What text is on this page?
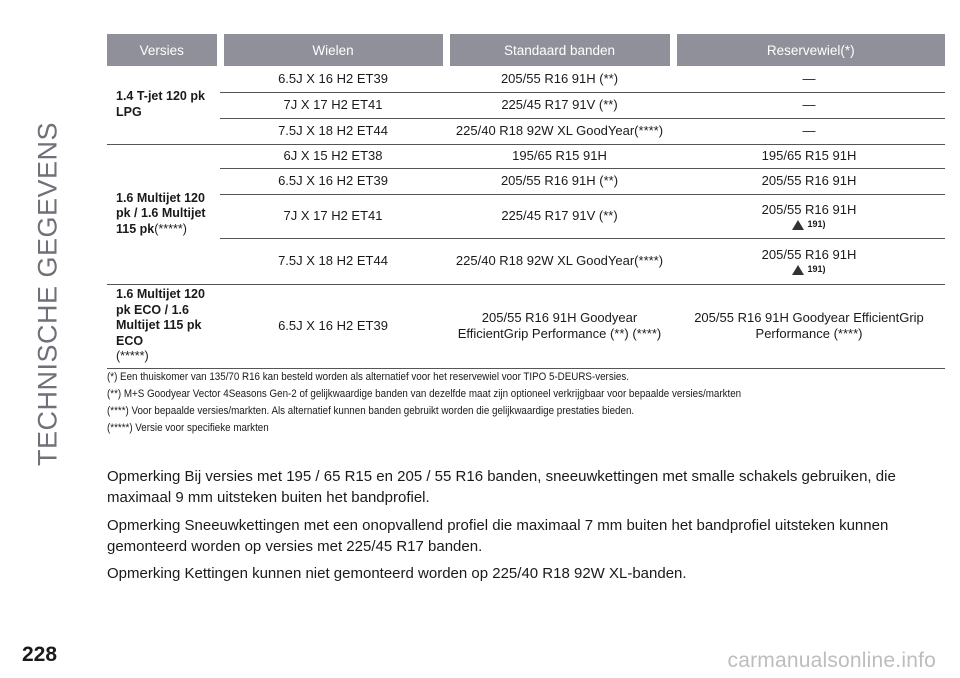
TECHNISCHE GEGEVENS
Versies	Wielen	Standaard banden	Reservewiel(*)
1.4 T-jet 120 pk LPG	6.5J X 16 H2 ET39	205/55 R16 91H (**)	—
	7J X 17 H2 ET41	225/45 R17 91V (**)	—
	7.5J X 18 H2 ET44	225/40 R18 92W XL GoodYear(****)	—
1.6 Multijet 120 pk / 1.6 Multijet 115 pk(*****)	6J X 15 H2 ET38	195/65 R15 91H	195/65 R15 91H
	6.5J X 16 H2 ET39	205/55 R16 91H (**)	205/55 R16 91H
	7J X 17 H2 ET41	225/45 R17 91V (**)	205/55 R16 91H
191)

	7.5J X 18 H2 ET44	225/40 R18 92W XL GoodYear(****)	205/55 R16 91H
191)

1.6 Multijet 120 pk ECO / 1.6 Multijet 115 pk ECO
(*****)	6.5J X 16 H2 ET39	205/55 R16 91H Goodyear EfficientGrip Performance (**) (****)	205/55 R16 91H Goodyear EfficientGrip Performance (****)
(*) Een thuiskomer van 135/70 R16 kan besteld worden als alternatief voor het reservewiel voor TIPO 5-DEURS-versies.
(**) M+S Goodyear Vector 4Seasons Gen-2 of gelijkwaardige banden van dezelfde maat zijn optioneel verkrijgbaar voor bepaalde versies/markten
(****) Voor bepaalde versies/markten. Als alternatief kunnen banden gebruikt worden die gelijkwaardige prestaties bieden.
(*****) Versie voor specifieke markten

Opmerking Bij versies met 195 / 65 R15 en 205 / 55 R16 banden, sneeuwkettingen met smalle schakels gebruiken, die maximaal 9 mm uitsteken buiten het bandprofiel.

Opmerking Sneeuwkettingen met een onopvallend profiel die maximaal 7 mm buiten het bandprofiel uitsteken kunnen gemonteerd worden op versies met 225/45 R17 banden.

Opmerking Kettingen kunnen niet gemonteerd worden op 225/40 R18 92W XL-banden.

228	carmanualsonline.info
